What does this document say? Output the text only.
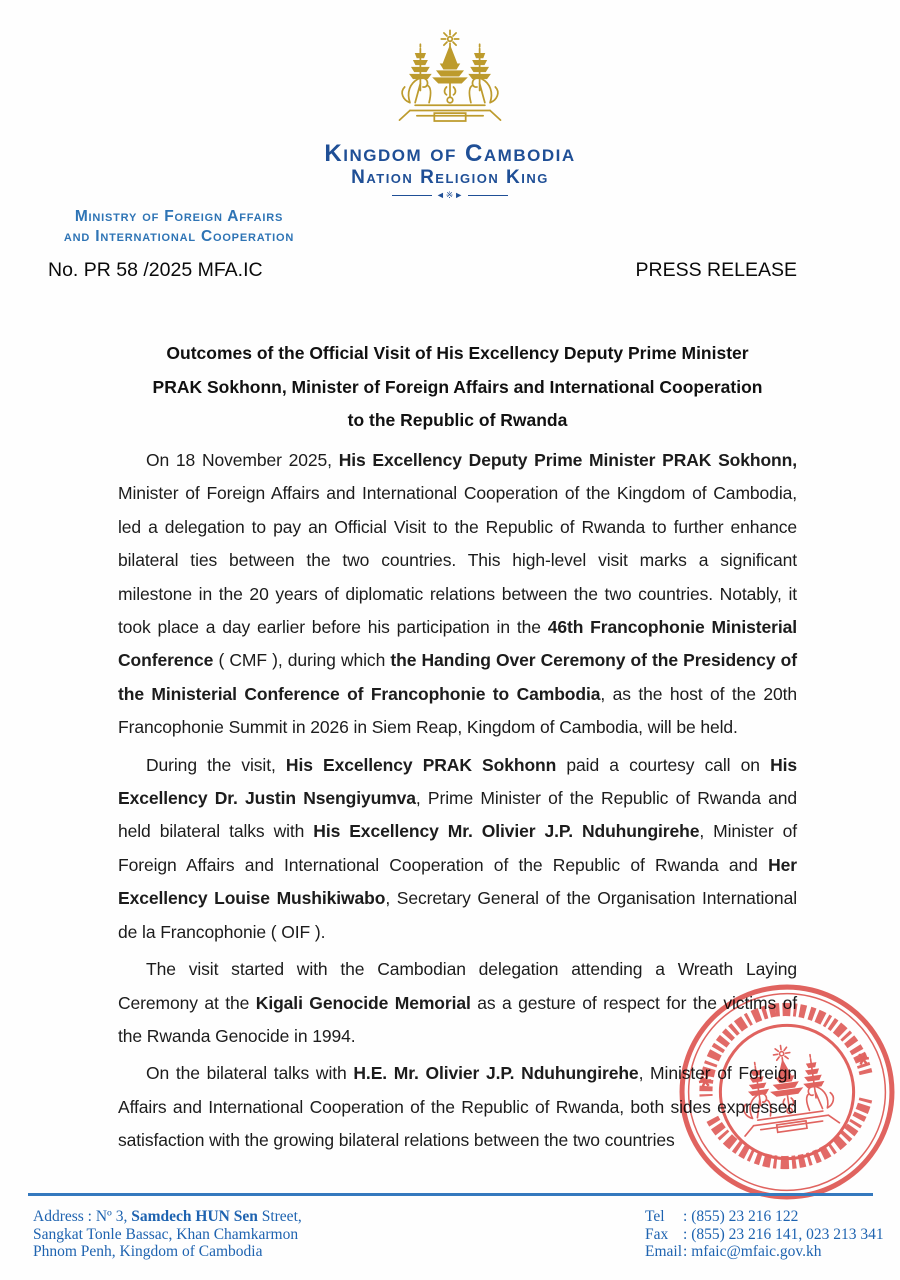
Kingdom of Cambodia
Nation Religion King
◄※►
Ministry of Foreign Affairs
and International Cooperation
No. PR 58 /2025 MFA.IC	PRESS RELEASE
Outcomes of the Official Visit of His Excellency Deputy Prime Minister
PRAK Sokhonn, Minister of Foreign Affairs and International Cooperation
to the Republic of Rwanda

On 18 November 2025, His Excellency Deputy Prime Minister PRAK Sokhonn, Minister of Foreign Affairs and International Cooperation of the Kingdom of Cambodia, led a delegation to pay an Official Visit to the Republic of Rwanda to further enhance bilateral ties between the two countries. This high-level visit marks a significant milestone in the 20 years of diplomatic relations between the two countries. Notably, it took place a day earlier before his participation in the 46th Francophonie Ministerial Conference ( CMF ), during which the Handing Over Ceremony of the Presidency of the Ministerial Conference of Francophonie to Cambodia, as the host of the 20th Francophonie Summit in 2026 in Siem Reap, Kingdom of Cambodia, will be held.

During the visit, His Excellency PRAK Sokhonn paid a courtesy call on His Excellency Dr. Justin Nsengiyumva, Prime Minister of the Republic of Rwanda and held bilateral talks with His Excellency Mr. Olivier J.P. Nduhungirehe, Minister of Foreign Affairs and International Cooperation of the Republic of Rwanda and Her Excellency Louise Mushikiwabo, Secretary General of the Organisation International de la Francophonie ( OIF ).

The visit started with the Cambodian delegation attending a Wreath Laying Ceremony at the Kigali Genocide Memorial as a gesture of respect for the victims of the Rwanda Genocide in 1994.

On the bilateral talks with H.E. Mr. Olivier J.P. Nduhungirehe, Minister of Foreign Affairs and International Cooperation of the Republic of Rwanda, both sides expressed satisfaction with the growing bilateral relations between the two countries

Address : Nº 3, Samdech HUN Sen Street,
Sangkat Tonle Bassac, Khan Chamkarmon
Phnom Penh, Kingdom of Cambodia
Tel : (855) 23 216 122
Fax : (855) 23 216 141, 023 213 341
Email: mfaic@mfaic.gov.kh
